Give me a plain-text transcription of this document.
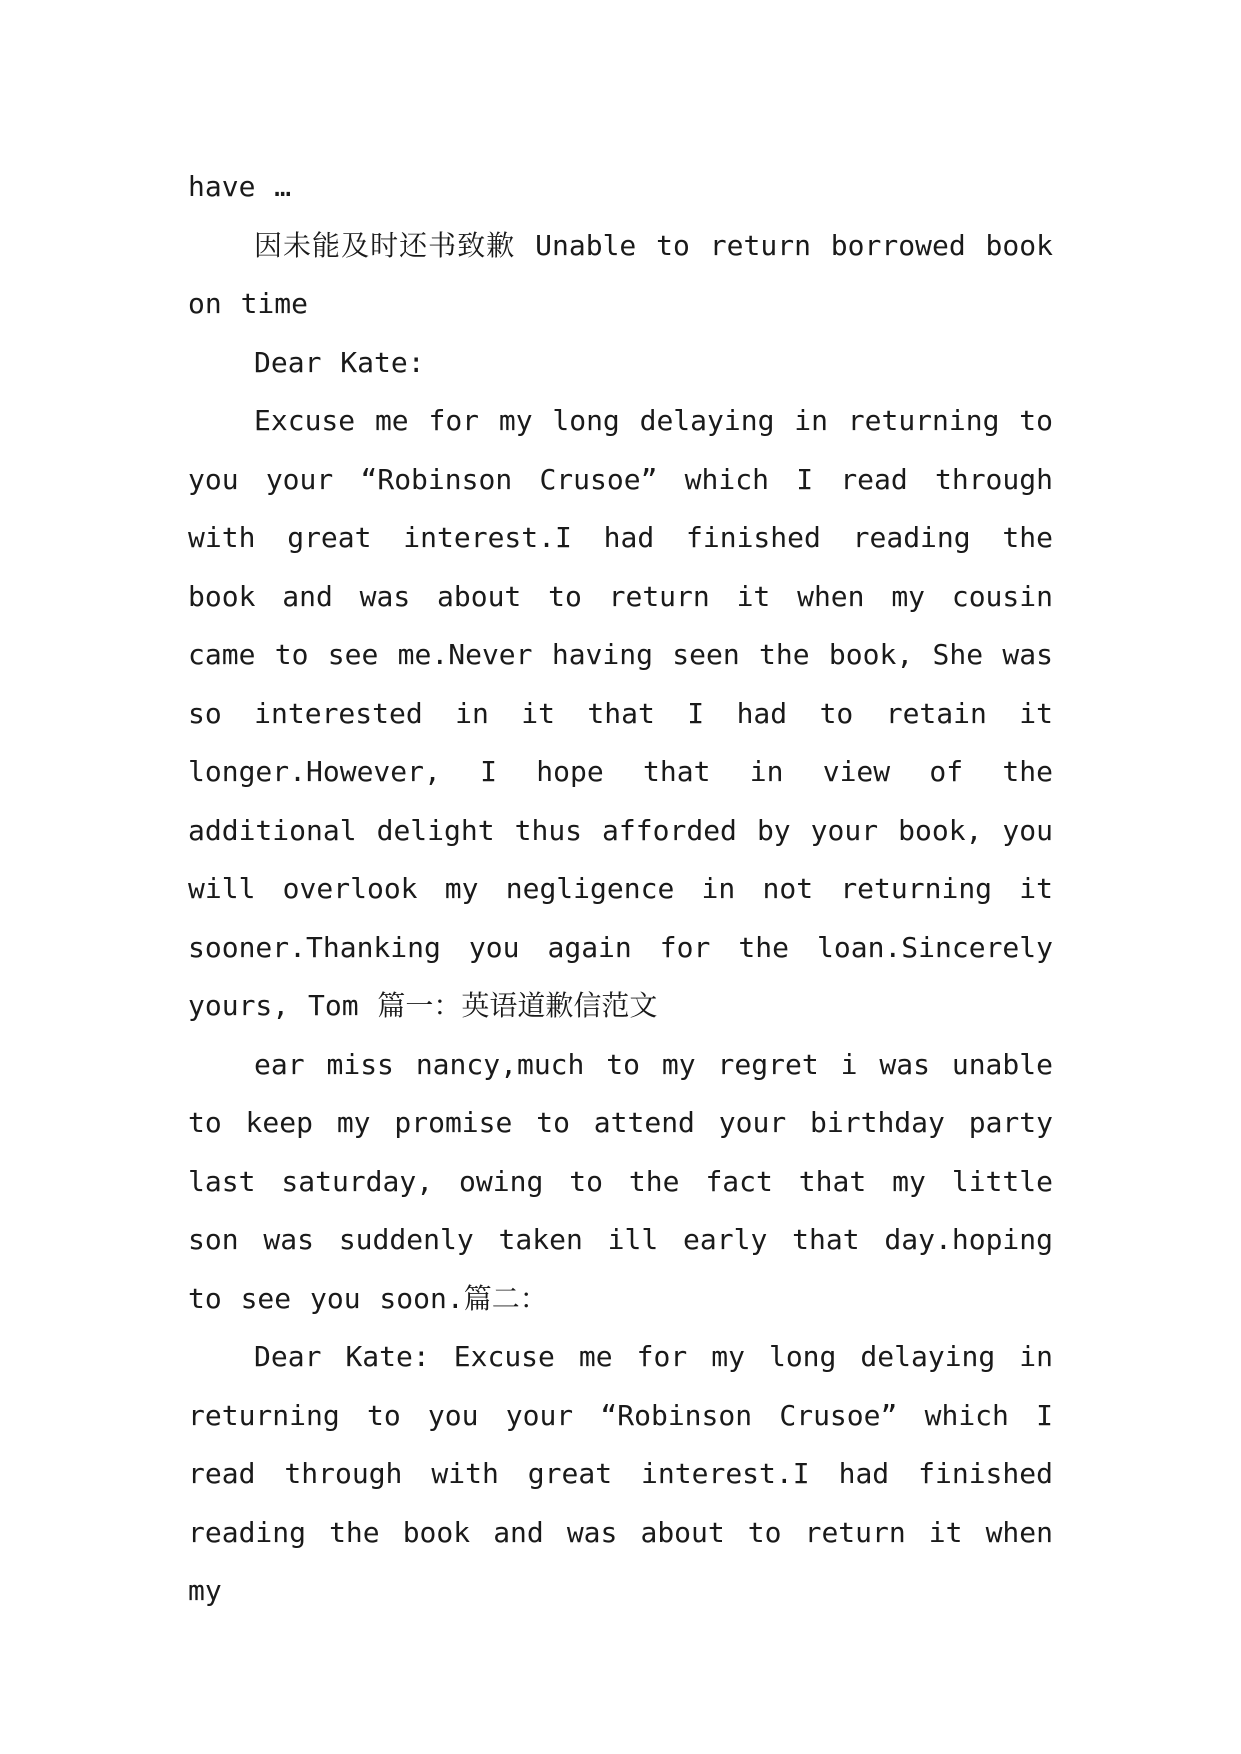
have …

因未能及时还书致歉 Unable to return borrowed book on time

Dear Kate:

Excuse me for my long delaying in returning to you your “Robinson Crusoe” which I read through with great interest.I had finished reading the book and was about to return it when my cousin came to see me.Never having seen the book, She was so interested in it that I had to retain it longer.However, I hope that in view of the additional delight thus afforded by your book, you will overlook my negligence in not returning it sooner.Thanking you again for the loan.Sincerely yours, Tom 篇一：英语道歉信范文

ear miss nancy,much to my regret i was unable to keep my promise to attend your birthday party last saturday, owing to the fact that my little son was suddenly taken ill early that day.hoping to see you soon.篇二：

Dear Kate: Excuse me for my long delaying in returning to you your “Robinson Crusoe” which I read through with great interest.I had finished reading the book and was about to return it when my
